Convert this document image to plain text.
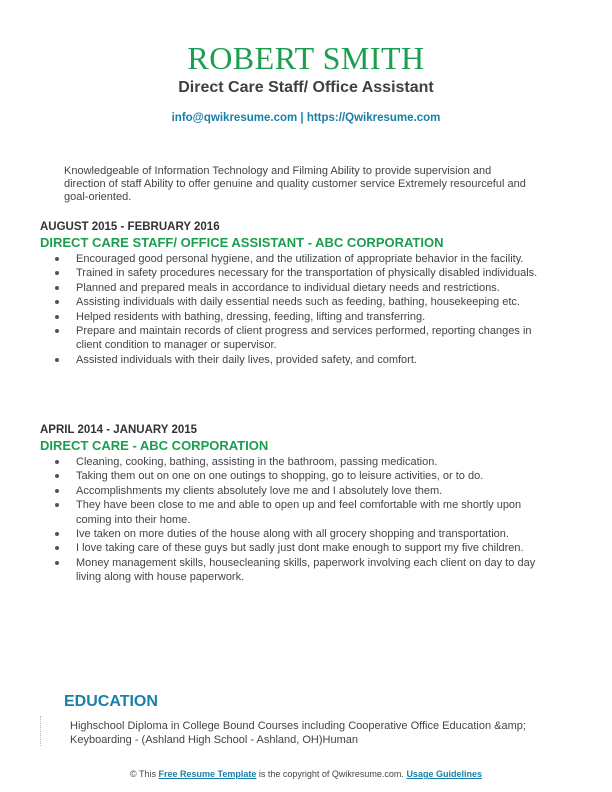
ROBERT SMITH
Direct Care Staff/ Office Assistant
info@qwikresume.com | https://Qwikresume.com
Knowledgeable of Information Technology and Filming Ability to provide supervision and direction of staff Ability to offer genuine and quality customer service Extremely resourceful and goal-oriented.
AUGUST 2015 - FEBRUARY 2016
DIRECT CARE STAFF/ OFFICE ASSISTANT - ABC CORPORATION
Encouraged good personal hygiene, and the utilization of appropriate behavior in the facility.
Trained in safety procedures necessary for the transportation of physically disabled individuals.
Planned and prepared meals in accordance to individual dietary needs and restrictions.
Assisting individuals with daily essential needs such as feeding, bathing, housekeeping etc.
Helped residents with bathing, dressing, feeding, lifting and transferring.
Prepare and maintain records of client progress and services performed, reporting changes in client condition to manager or supervisor.
Assisted individuals with their daily lives, provided safety, and comfort.
APRIL 2014 - JANUARY 2015
DIRECT CARE - ABC CORPORATION
Cleaning, cooking, bathing, assisting in the bathroom, passing medication.
Taking them out on one on one outings to shopping, go to leisure activities, or to do.
Accomplishments my clients absolutely love me and I absolutely love them.
They have been close to me and able to open up and feel comfortable with me shortly upon coming into their home.
Ive taken on more duties of the house along with all grocery shopping and transportation.
I love taking care of these guys but sadly just dont make enough to support my five children.
Money management skills, housecleaning skills, paperwork involving each client on day to day living along with house paperwork.
EDUCATION
Highschool Diploma in College Bound Courses including Cooperative Office Education &amp; Keyboarding - (Ashland High School - Ashland, OH)Human
© This Free Resume Template is the copyright of Qwikresume.com. Usage Guidelines
